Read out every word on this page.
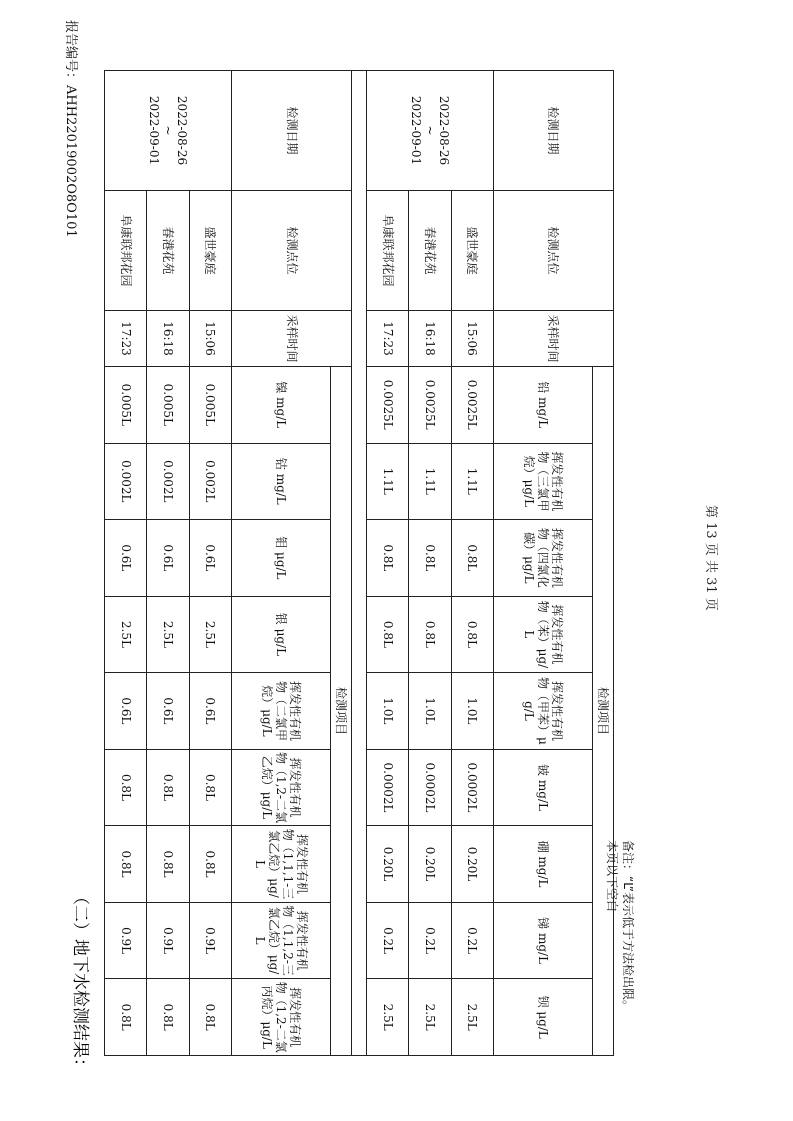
报告编号：AHH22019002O8O101
（二）地下水检测结果：
检测日期	检测点位	采样时间	检测项目								
			铅 mg/L	挥发性有机物（三氯甲烷）μg/L	挥发性有机物（四氯化碳）μg/L	挥发性有机物（苯）μg/L	挥发性有机物（甲苯）μg/L	铍 mg/L	硼 mg/L	锑 mg/L	钡 μg/L
2022-08-26
~
2022-09-01	盛世豪庭	15:06	0.0025L	1.1L	0.8L	0.8L	1.0L	0.0002L	0.20L	0.2L	2.5L
	春港花苑	16:18	0.0025L	1.1L	0.8L	0.8L	1.0L	0.0002L	0.20L	0.2L	2.5L
	阜康联邦花园	17:23	0.0025L	1.1L	0.8L	0.8L	1.0L	0.0002L	0.20L	0.2L	2.5L

检测日期	检测点位	采样时间	检测项目								
			镍 mg/L	钴 mg/L	钼 μg/L	银 μg/L	挥发性有机物（二氯甲烷）μg/L	挥发性有机物（1,2-二氯乙烷）μg/L	挥发性有机物（1,1,1-三氯乙烷）μg/L	挥发性有机物（1,1,2-三氯乙烷）μg/L	挥发性有机物（1,2-二氯丙烷）μg/L
2022-08-26
~
2022-09-01	盛世豪庭	15:06	0.005L	0.002L	0.6L	2.5L	0.6L	0.8L	0.8L	0.9L	0.8L
	春港花苑	16:18	0.005L	0.002L	0.6L	2.5L	0.6L	0.8L	0.8L	0.9L	0.8L
	阜康联邦花园	17:23	0.005L	0.002L	0.6L	2.5L	0.6L	0.8L	0.8L	0.9L	0.8L
备注：“L”表示低于方法检出限。
本页以下空白
第 13 页 共 31 页
